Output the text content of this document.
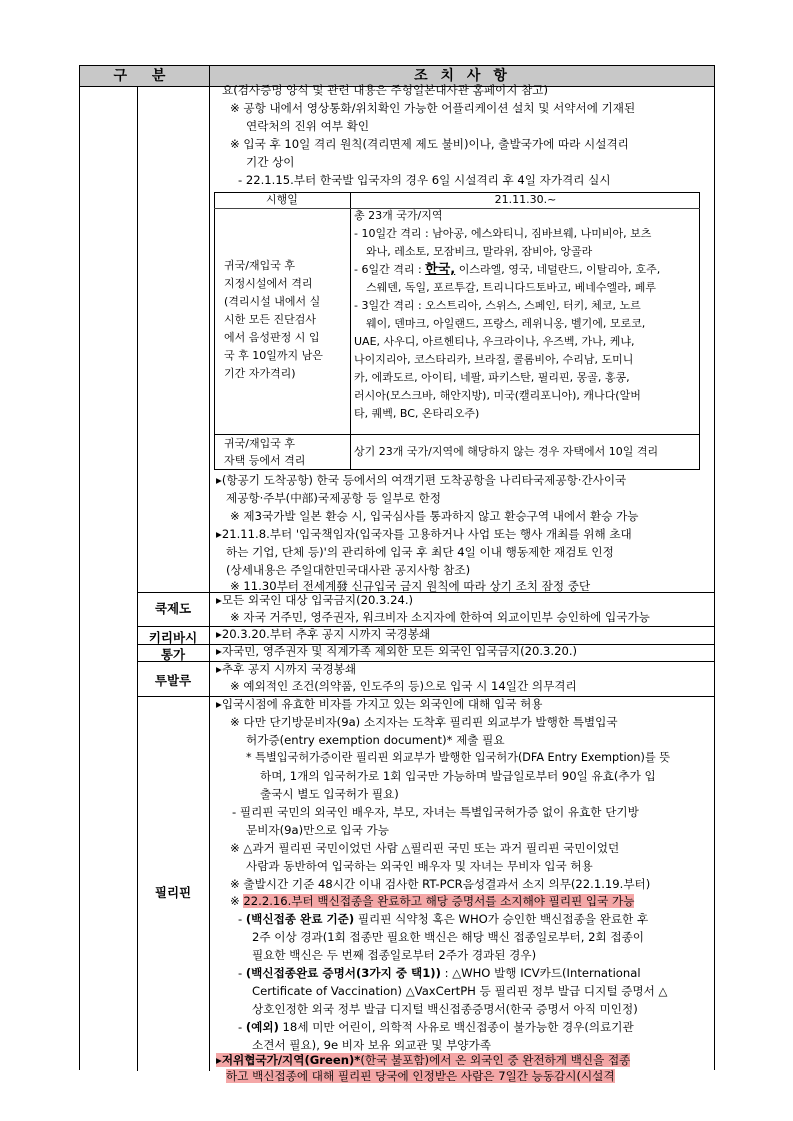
구 분	조 치 사 항
쿡제도
키리바시
통가
투발루
필리핀
요(검사증명 양식 및 관련 내용은 주헝일본대사관 홈페이지 참고)
※ 공항 내에서 영상통화/위치확인 가능한 어플리케이션 설치 및 서약서에 기재된
연락처의 진위 여부 확인
※ 입국 후 10일 격리 원칙(격리면제 제도 불비)이나, 출발국가에 따라 시설격리
기간 상이
- 22.1.15.부터 한국발 입국자의 경우 6일 시설격리 후 4일 자가격리 실시
시행일	21.11.30.~
귀국/재입국 후
지정시설에서 격리
(격리시설 내에서 실
시한 모든 진단검사
에서 음성판정 시 입
국 후 10일까지 남은
기간 자가격리)
총 23개 국가/지역
- 10일간 격리 : 남아공, 에스와티니, 짐바브웨, 나미비아, 보츠
와나, 레소토, 모잠비크, 말라위, 잠비아, 앙골라
- 6일간 격리 : 한국, 이스라엘, 영국, 네덜란드, 이탈리아, 호주,
스웨덴, 독일, 포르투갈, 트리니다드토바고, 베네수엘라, 페루
- 3일간 격리 : 오스트리아, 스위스, 스페인, 터키, 체코, 노르
웨이, 덴마크, 아일랜드, 프랑스, 레위니옹, 벨기에, 모로코,
UAE, 사우디, 아르헨티나, 우크라이나, 우즈벡, 가나, 케냐,
나이지리아, 코스타리카, 브라질, 콜롬비아, 수리남, 도미니
카, 에콰도르, 아이티, 네팔, 파키스탄, 필리핀, 몽골, 홍콩,
러시아(모스크바, 해안지방), 미국(캘리포니아), 캐나다(알버
타, 퀘벡, BC, 온타리오주)
귀국/재입국 후
자택 등에서 격리
상기 23개 국가/지역에 해당하지 않는 경우 자택에서 10일 격리
▸(항공기 도착공항) 한국 등에서의 여객기편 도착공항을 나리타국제공항·간사이국
제공항·주부(中部)국제공항 등 일부로 한정
※ 제3국가발 일본 환승 시, 입국심사를 통과하지 않고 환승구역 내에서 환승 가능
▸21.11.8.부터 '입국책임자(입국자를 고용하거나 사업 또는 행사 개최를 위해 초대
하는 기업, 단체 등)'의 관리하에 입국 후 최단 4일 이내 행동제한 재검토 인정
(상세내용은 주일대한민국대사관 공지사항 참조)
※ 11.30부터 전세계發 신규입국 금지 원칙에 따라 상기 조치 잠정 중단
▸모든 외국인 대상 입국금지(20.3.24.)
※ 자국 거주민, 영주권자, 워크비자 소지자에 한하여 외교이민부 승인하에 입국가능
▸20.3.20.부터 추후 공지 시까지 국경봉쇄
▸자국민, 영주권자 및 직계가족 제외한 모든 외국인 입국금지(20.3.20.)
▸추후 공지 시까지 국경봉쇄
※ 예외적인 조건(의약품, 인도주의 등)으로 입국 시 14일간 의무격리
▸입국시점에 유효한 비자를 가지고 있는 외국인에 대해 입국 허용
※ 다만 단기방문비자(9a) 소지자는 도착후 필리핀 외교부가 발행한 특별입국
허가증(entry exemption document)* 제출 필요
* 특별입국허가증이란 필리핀 외교부가 발행한 입국허가(DFA Entry Exemption)를 뜻
하며, 1개의 입국허가로 1회 입국만 가능하며 발급일로부터 90일 유효(추가 입
출국시 별도 입국허가 필요)
- 필리핀 국민의 외국인 배우자, 부모, 자녀는 특별입국허가증 없이 유효한 단기방
문비자(9a)만으로 입국 가능
※ △과거 필리핀 국민이었던 사람 △필리핀 국민 또는 과거 필리핀 국민이었던
사람과 동반하여 입국하는 외국인 배우자 및 자녀는 무비자 입국 허용
※ 출발시간 기준 48시간 이내 검사한 RT-PCR음성결과서 소지 의무(22.1.19.부터)
※ 22.2.16.부터 백신접종을 완료하고 해당 증명서를 소지해야 필리핀 입국 가능
- (백신접종 완료 기준) 필리핀 식약청 혹은 WHO가 승인한 백신접종을 완료한 후
2주 이상 경과(1회 접종만 필요한 백신은 해당 백신 접종일로부터, 2회 접종이
필요한 백신은 두 번째 접종일로부터 2주가 경과된 경우)
- (백신접종완료 증명서(3가지 중 택1)) : △WHO 발행 ICV카드(International
Certificate of Vaccination) △VaxCertPH 등 필리핀 정부 발급 디지털 증명서 △
상호인정한 외국 정부 발급 디지털 백신접종증명서(한국 증명서 아직 미인정)
- (예외) 18세 미만 어린이, 의학적 사유로 백신접종이 불가능한 경우(의료기관
소견서 필요), 9e 비자 보유 외교관 및 부양가족
▸저위협국가/지역(Green)*(한국 불포함)에서 온 외국인 중 완전하게 백신을 접종
하고 백신접종에 대해 필리핀 당국에 인정받은 사람은 7일간 능동감시(시설격
